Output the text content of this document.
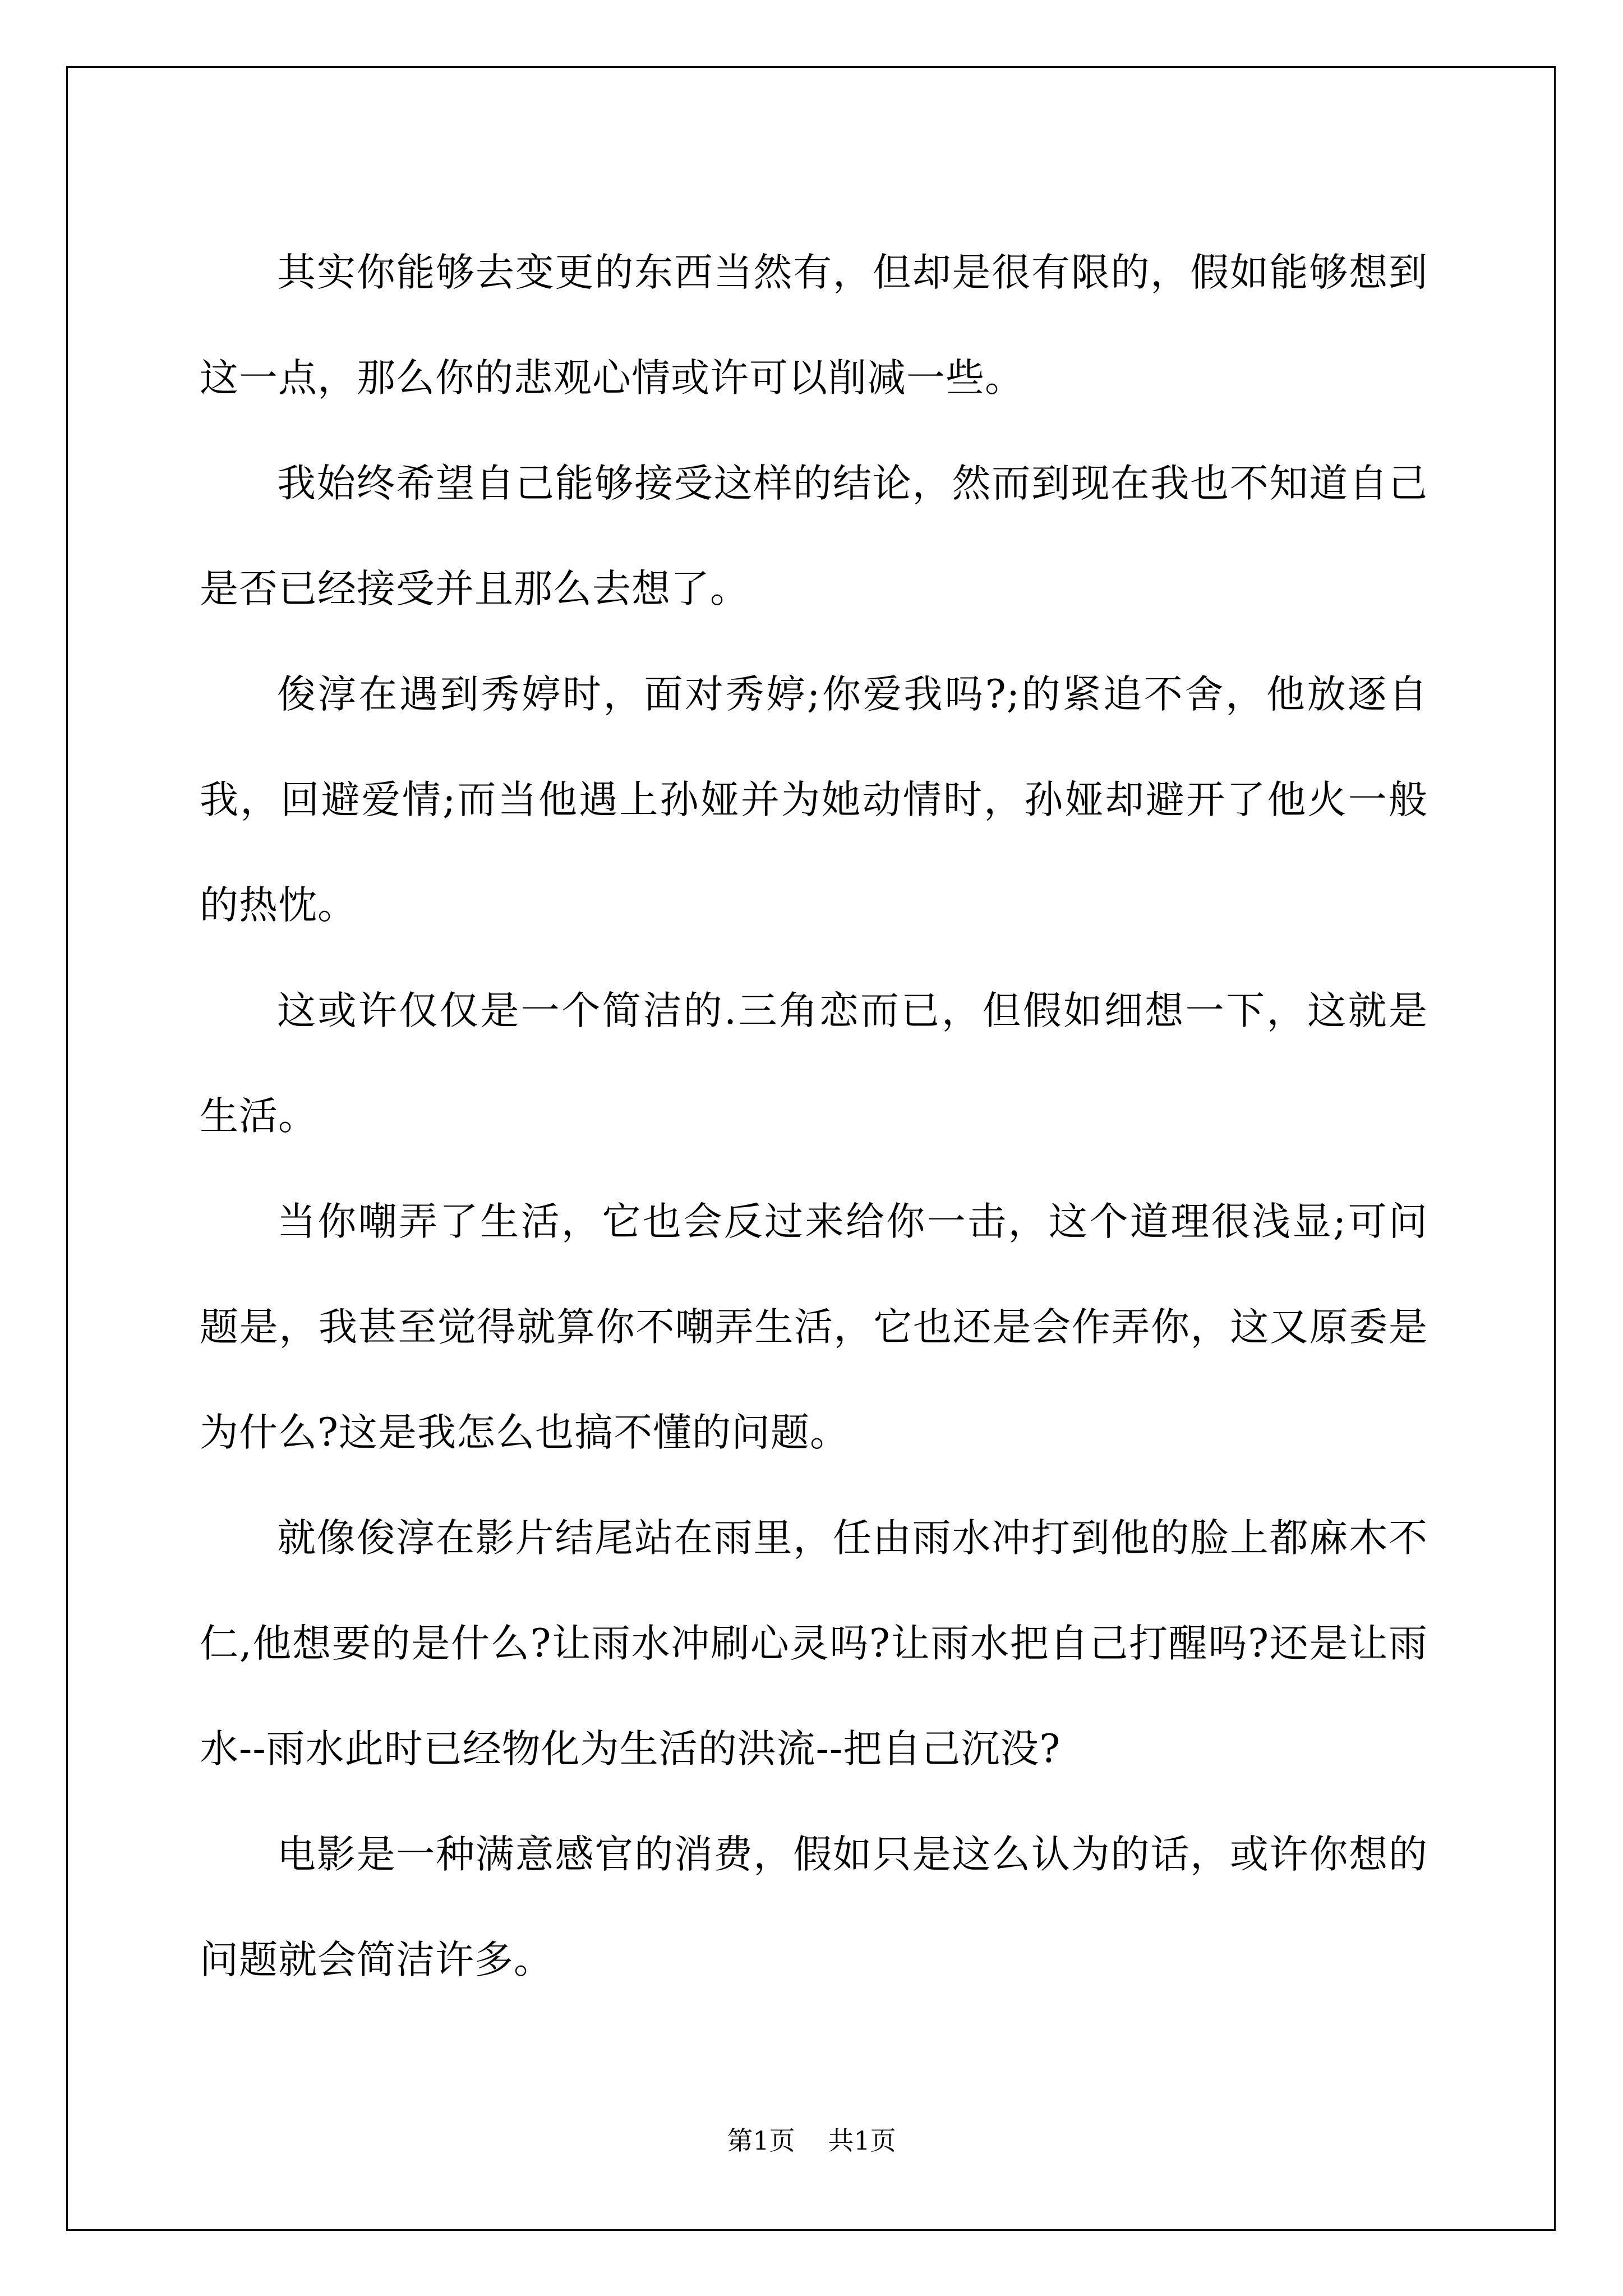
其实你能够去变更的东西当然有，但却是很有限的，假如能够想到这一点，那么你的悲观心情或许可以削减一些。

我始终希望自己能够接受这样的结论，然而到现在我也不知道自己是否已经接受并且那么去想了。

俊淳在遇到秀婷时，面对秀婷;你爱我吗?;的紧追不舍，他放逐自我，回避爱情;而当他遇上孙娅并为她动情时，孙娅却避开了他火一般的热忱。

这或许仅仅是一个简洁的.三角恋而已，但假如细想一下，这就是生活。

当你嘲弄了生活，它也会反过来给你一击，这个道理很浅显;可问题是，我甚至觉得就算你不嘲弄生活，它也还是会作弄你，这又原委是为什么?这是我怎么也搞不懂的问题。

就像俊淳在影片结尾站在雨里，任由雨水冲打到他的脸上都麻木不仁,他想要的是什么?让雨水冲刷心灵吗?让雨水把自己打醒吗?还是让雨水--雨水此时已经物化为生活的洪流--把自己沉没?

电影是一种满意感官的消费，假如只是这么认为的话，或许你想的问题就会简洁许多。

第1页 共1页
